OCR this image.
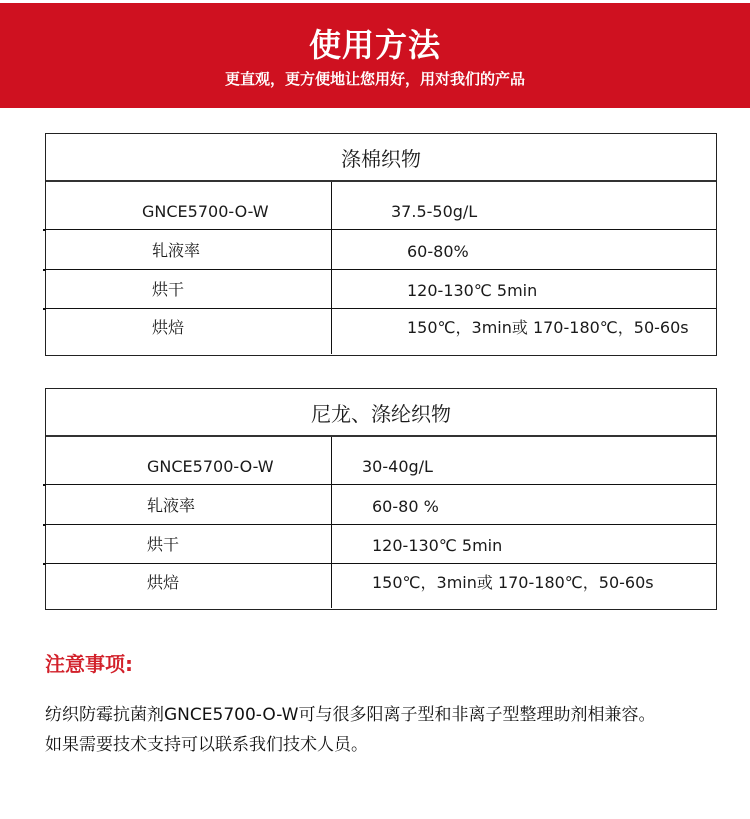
使用方法
更直观，更方便地让您用好，用对我们的产品
涤棉织物
GNCE5700-O-W	37.5-50g/L
轧液率	60-80%
烘干	120-130℃ 5min
烘焙	150℃，3min或 170-180℃，50-60s
尼龙、涤纶织物
GNCE5700-O-W	30-40g/L
轧液率	60-80 %
烘干	120-130℃ 5min
烘焙	150℃，3min或 170-180℃，50-60s
注意事项:

纺织防霉抗菌剂GNCE5700-O-W可与很多阳离子型和非离子型整理助剂相兼容。

如果需要技术支持可以联系我们技术人员。
